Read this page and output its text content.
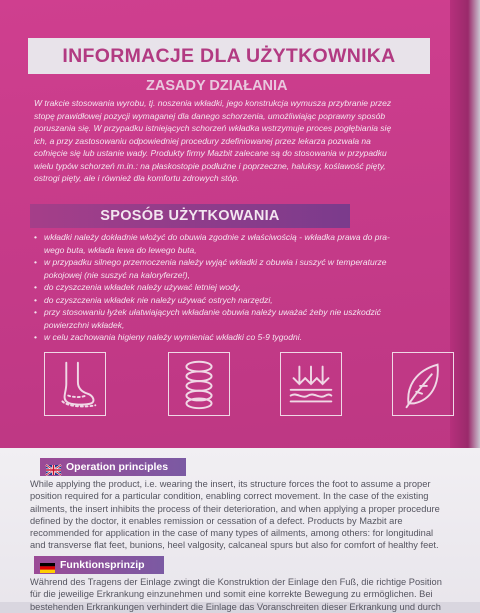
INFORMACJE DLA UŻYTKOWNIKA
ZASADY DZIAŁANIA
W trakcie stosowania wyrobu, tj. noszenia wkładki, jego konstrukcja wymusza przybranie przez
stopę prawidłowej pozycji wymaganej dla danego schorzenia, umożliwiając poprawny sposób
poruszania się. W przypadku istniejących schorzeń wkładka wstrzymuje proces pogłębiania się
ich, a przy zastosowaniu odpowiedniej procedury zdefiniowanej przez lekarza pozwala na
cofnięcie się lub ustanie wady. Produkty firmy Mazbit zalecane są do stosowania w przypadku
wielu typów schorzeń m.in.: na płaskostopie podłużne i poprzeczne, haluksy, koślawość pięty,
ostrogi pięty, ale i również dla komfortu zdrowych stóp.
SPOSÓB UŻYTKOWANIA
• wkładki należy dokładnie włożyć do obuwia zgodnie z właściwością - wkładka prawa do pra-
wego buta, wkłada lewa do lewego buta,
• w przypadku silnego przemoczenia należy wyjąć wkładki z obuwia i suszyć w temperaturze
pokojowej (nie suszyć na kaloryferze!),
• do czyszczenia wkładek należy używać letniej wody,
• do czyszczenia wkładek nie należy używać ostrych narzędzi,
• przy stosowaniu łyżek ułatwiających wkładanie obuwia należy uważać żeby nie uszkodzić
powierzchni wkładek,
• w celu zachowania higieny należy wymieniać wkładki co 5-9 tygodni.
Operation principles
While applying the product, i.e. wearing the insert, its structure forces the foot to assume a proper
position required for a particular condition, enabling correct movement. In the case of the existing
ailments, the insert inhibits the process of their deterioration, and when applying a proper procedure
defined by the doctor, it enables remission or cessation of a defect. Products by Mazbit are
recommended for application in the case of many types of ailments, among others: for longitudinal
and transverse flat feet, bunions, heel valgosity, calcaneal spurs but also for comfort of healthy feet.
Funktionsprinzip
Während des Tragens der Einlage zwingt die Konstruktion der Einlage den Fuß, die richtige Position
für die jeweilige Erkrankung einzunehmen und somit eine korrekte Bewegung zu ermöglichen. Bei
bestehenden Erkrankungen verhindert die Einlage das Voranschreiten dieser Erkrankung und durch
